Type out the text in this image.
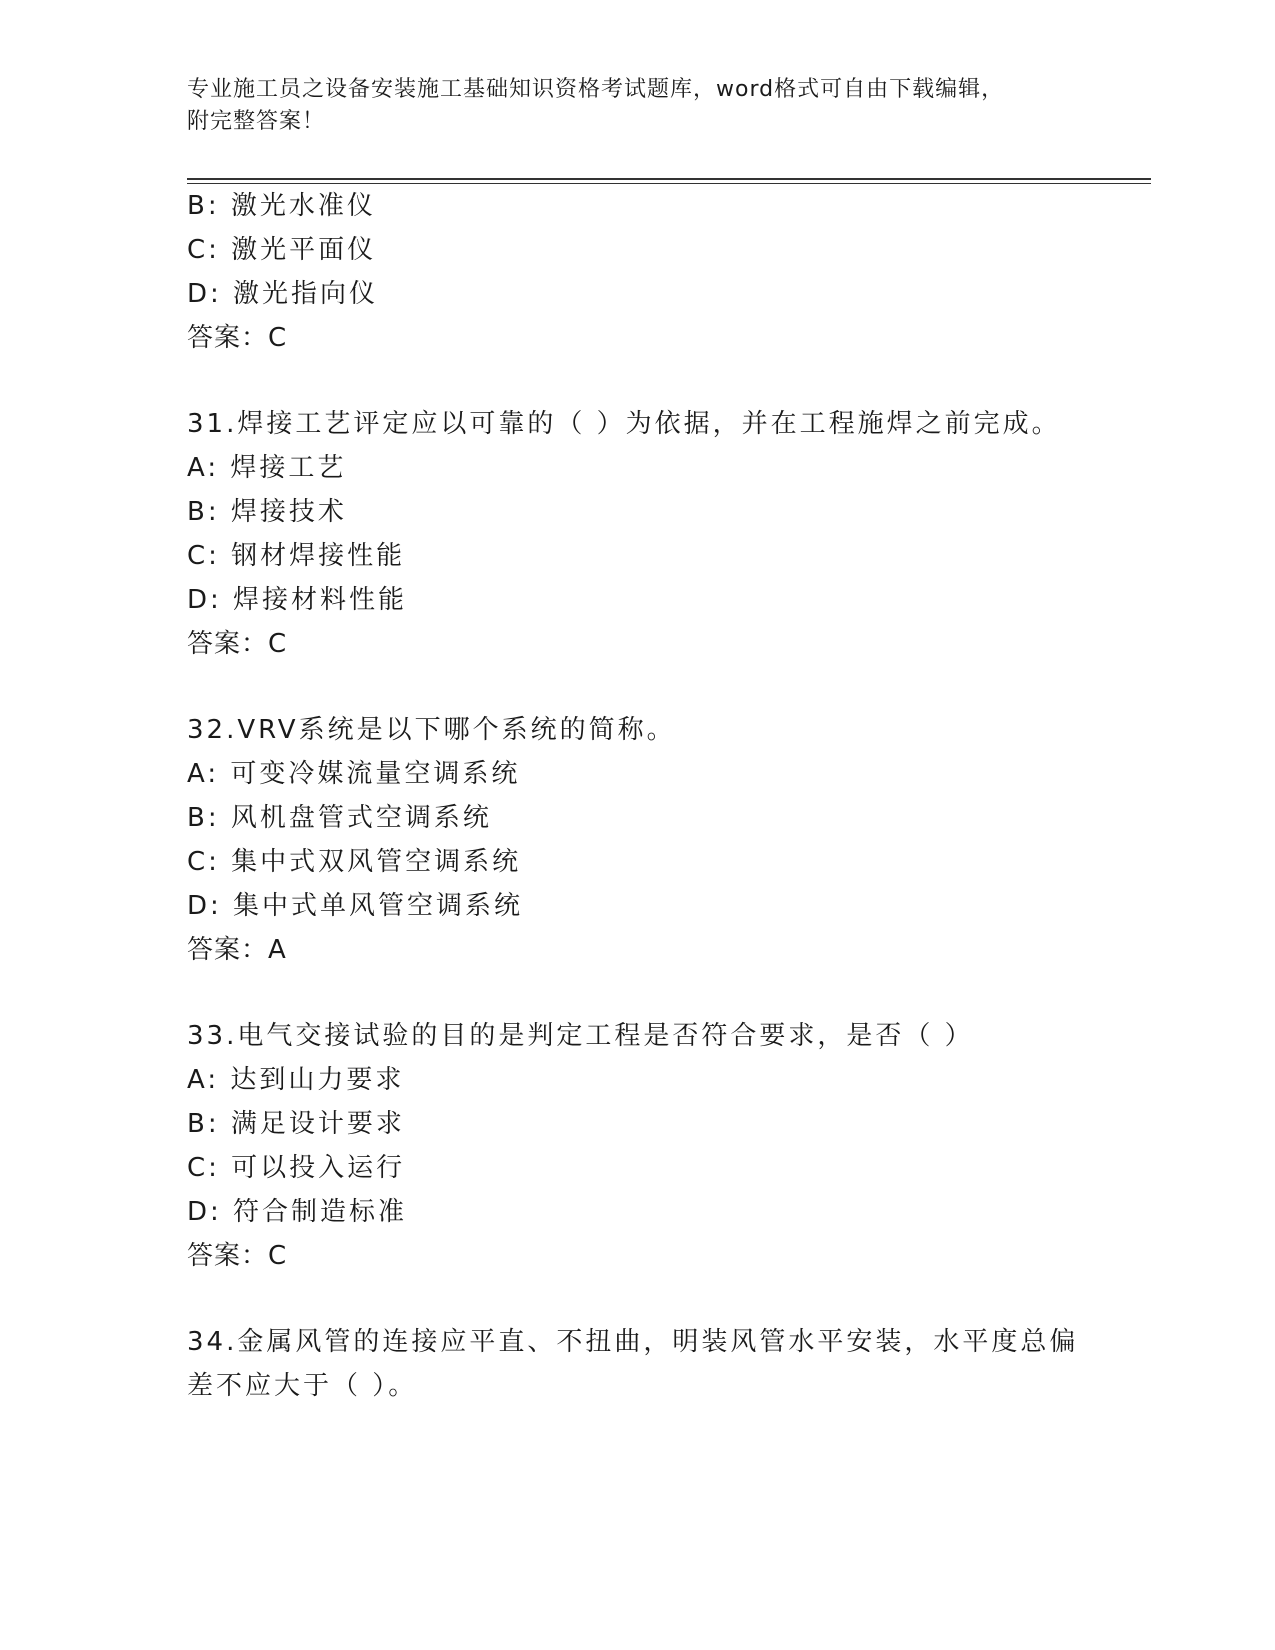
专业施工员之设备安装施工基础知识资格考试题库，word格式可自由下载编辑，
附完整答案！
B: 激光水准仪
C: 激光平面仪
D: 激光指向仪
答案：C
31.焊接工艺评定应以可靠的（ ）为依据，并在工程施焊之前完成。
A: 焊接工艺
B: 焊接技术
C: 钢材焊接性能
D: 焊接材料性能
答案：C
32.VRV系统是以下哪个系统的简称。
A: 可变冷媒流量空调系统
B: 风机盘管式空调系统
C: 集中式双风管空调系统
D: 集中式单风管空调系统
答案：A
33.电气交接试验的目的是判定工程是否符合要求，是否（ ）
A: 达到山力要求
B: 满足设计要求
C: 可以投入运行
D: 符合制造标准
答案：C
34.金属风管的连接应平直、不扭曲，明装风管水平安装，水平度总偏
差不应大于（ ）。
